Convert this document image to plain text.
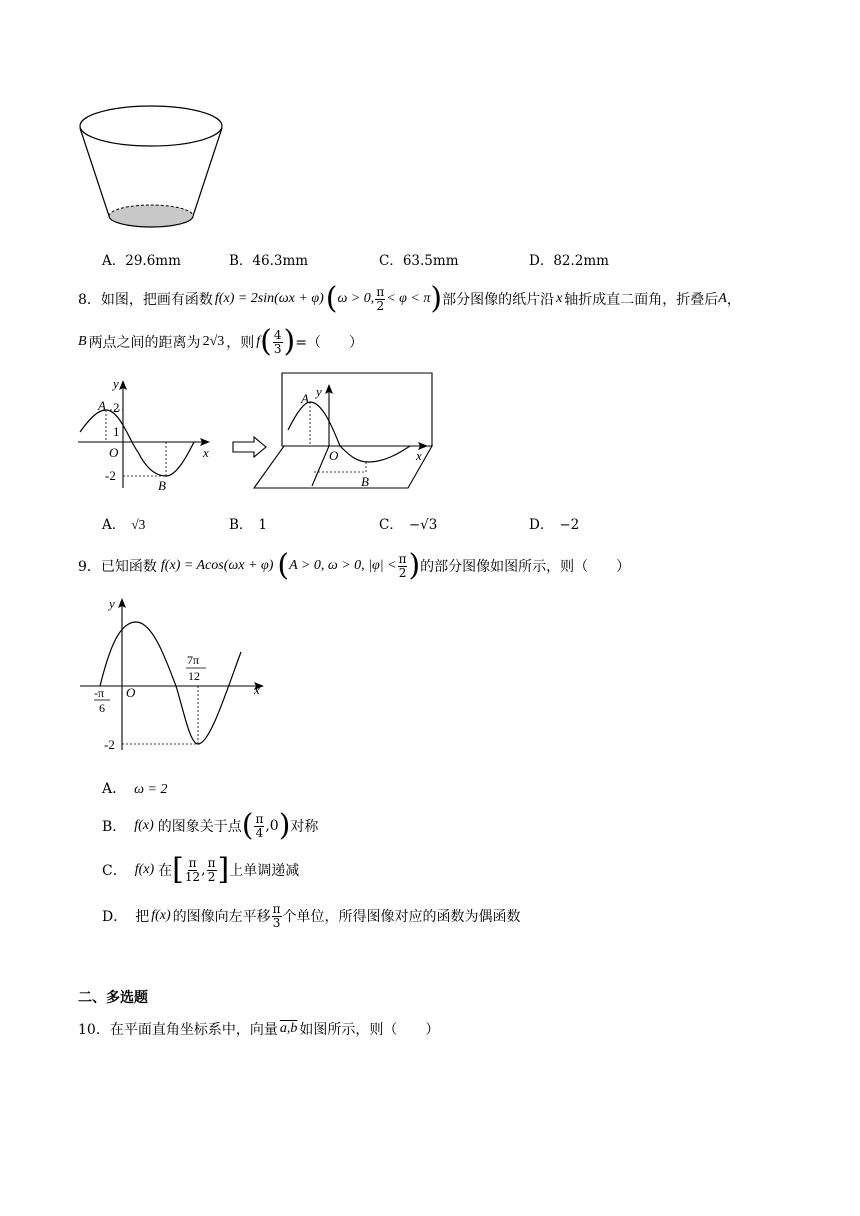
A．29.6mm	B．46.3mm	C．63.5mm	D．82.2mm
8． 如图，把画有函数 f(x) = 2sin(ωx + φ) ( ω > 0, $\frac{\pi}{2} < \varphi < \pi$ ) 部分图像的纸片沿 x 轴折成直二面角，折叠后 A ，
B 两点之间的距离为 2√3 ，则 f ( $\frac{4}{3}$ ) =（　　）
y
A 2
1
O	x
-2
B
y
A
O	x
B
A． √3	B． 1	C． −√3	D． −2
9． 已知函数 f(x) = Acos(ωx + φ) ( A > 0, ω > 0, $|\varphi| < \frac{\pi}{2}$ ) 的部分图像如图所示，则（　　）
y
7π
12
O	x
-π
6
-2
A． ω = 2
B． f(x) 的图象关于点 ( $\frac{\pi}{4} ,0$ ) 对称
C． f(x) 在 [ $\frac{\pi}{12}$ , $\frac{\pi}{2}$ ] 上单调递减
D． 把 f(x) 的图像向左平移 $\frac{\pi}{3}$ 个单位，所得图像对应的函数为偶函数
二、多选题
10． 在平面直角坐标系中，向量 a,b 如图所示，则（　　）
